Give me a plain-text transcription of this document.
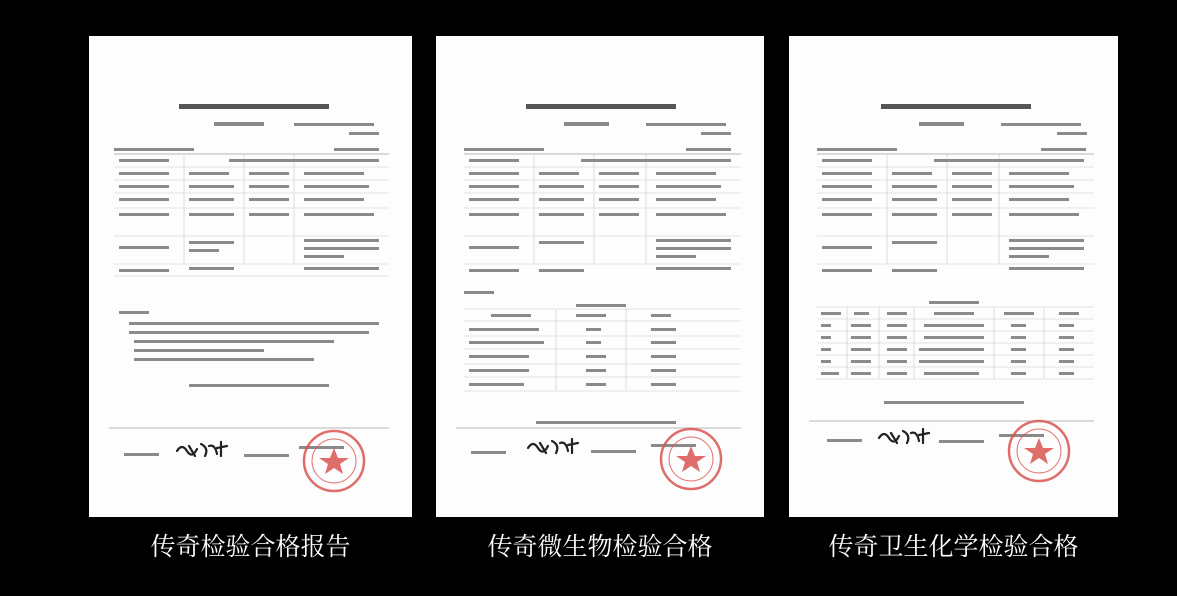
传奇检验合格报告	传奇微生物检验合格	传奇卫生化学检验合格
